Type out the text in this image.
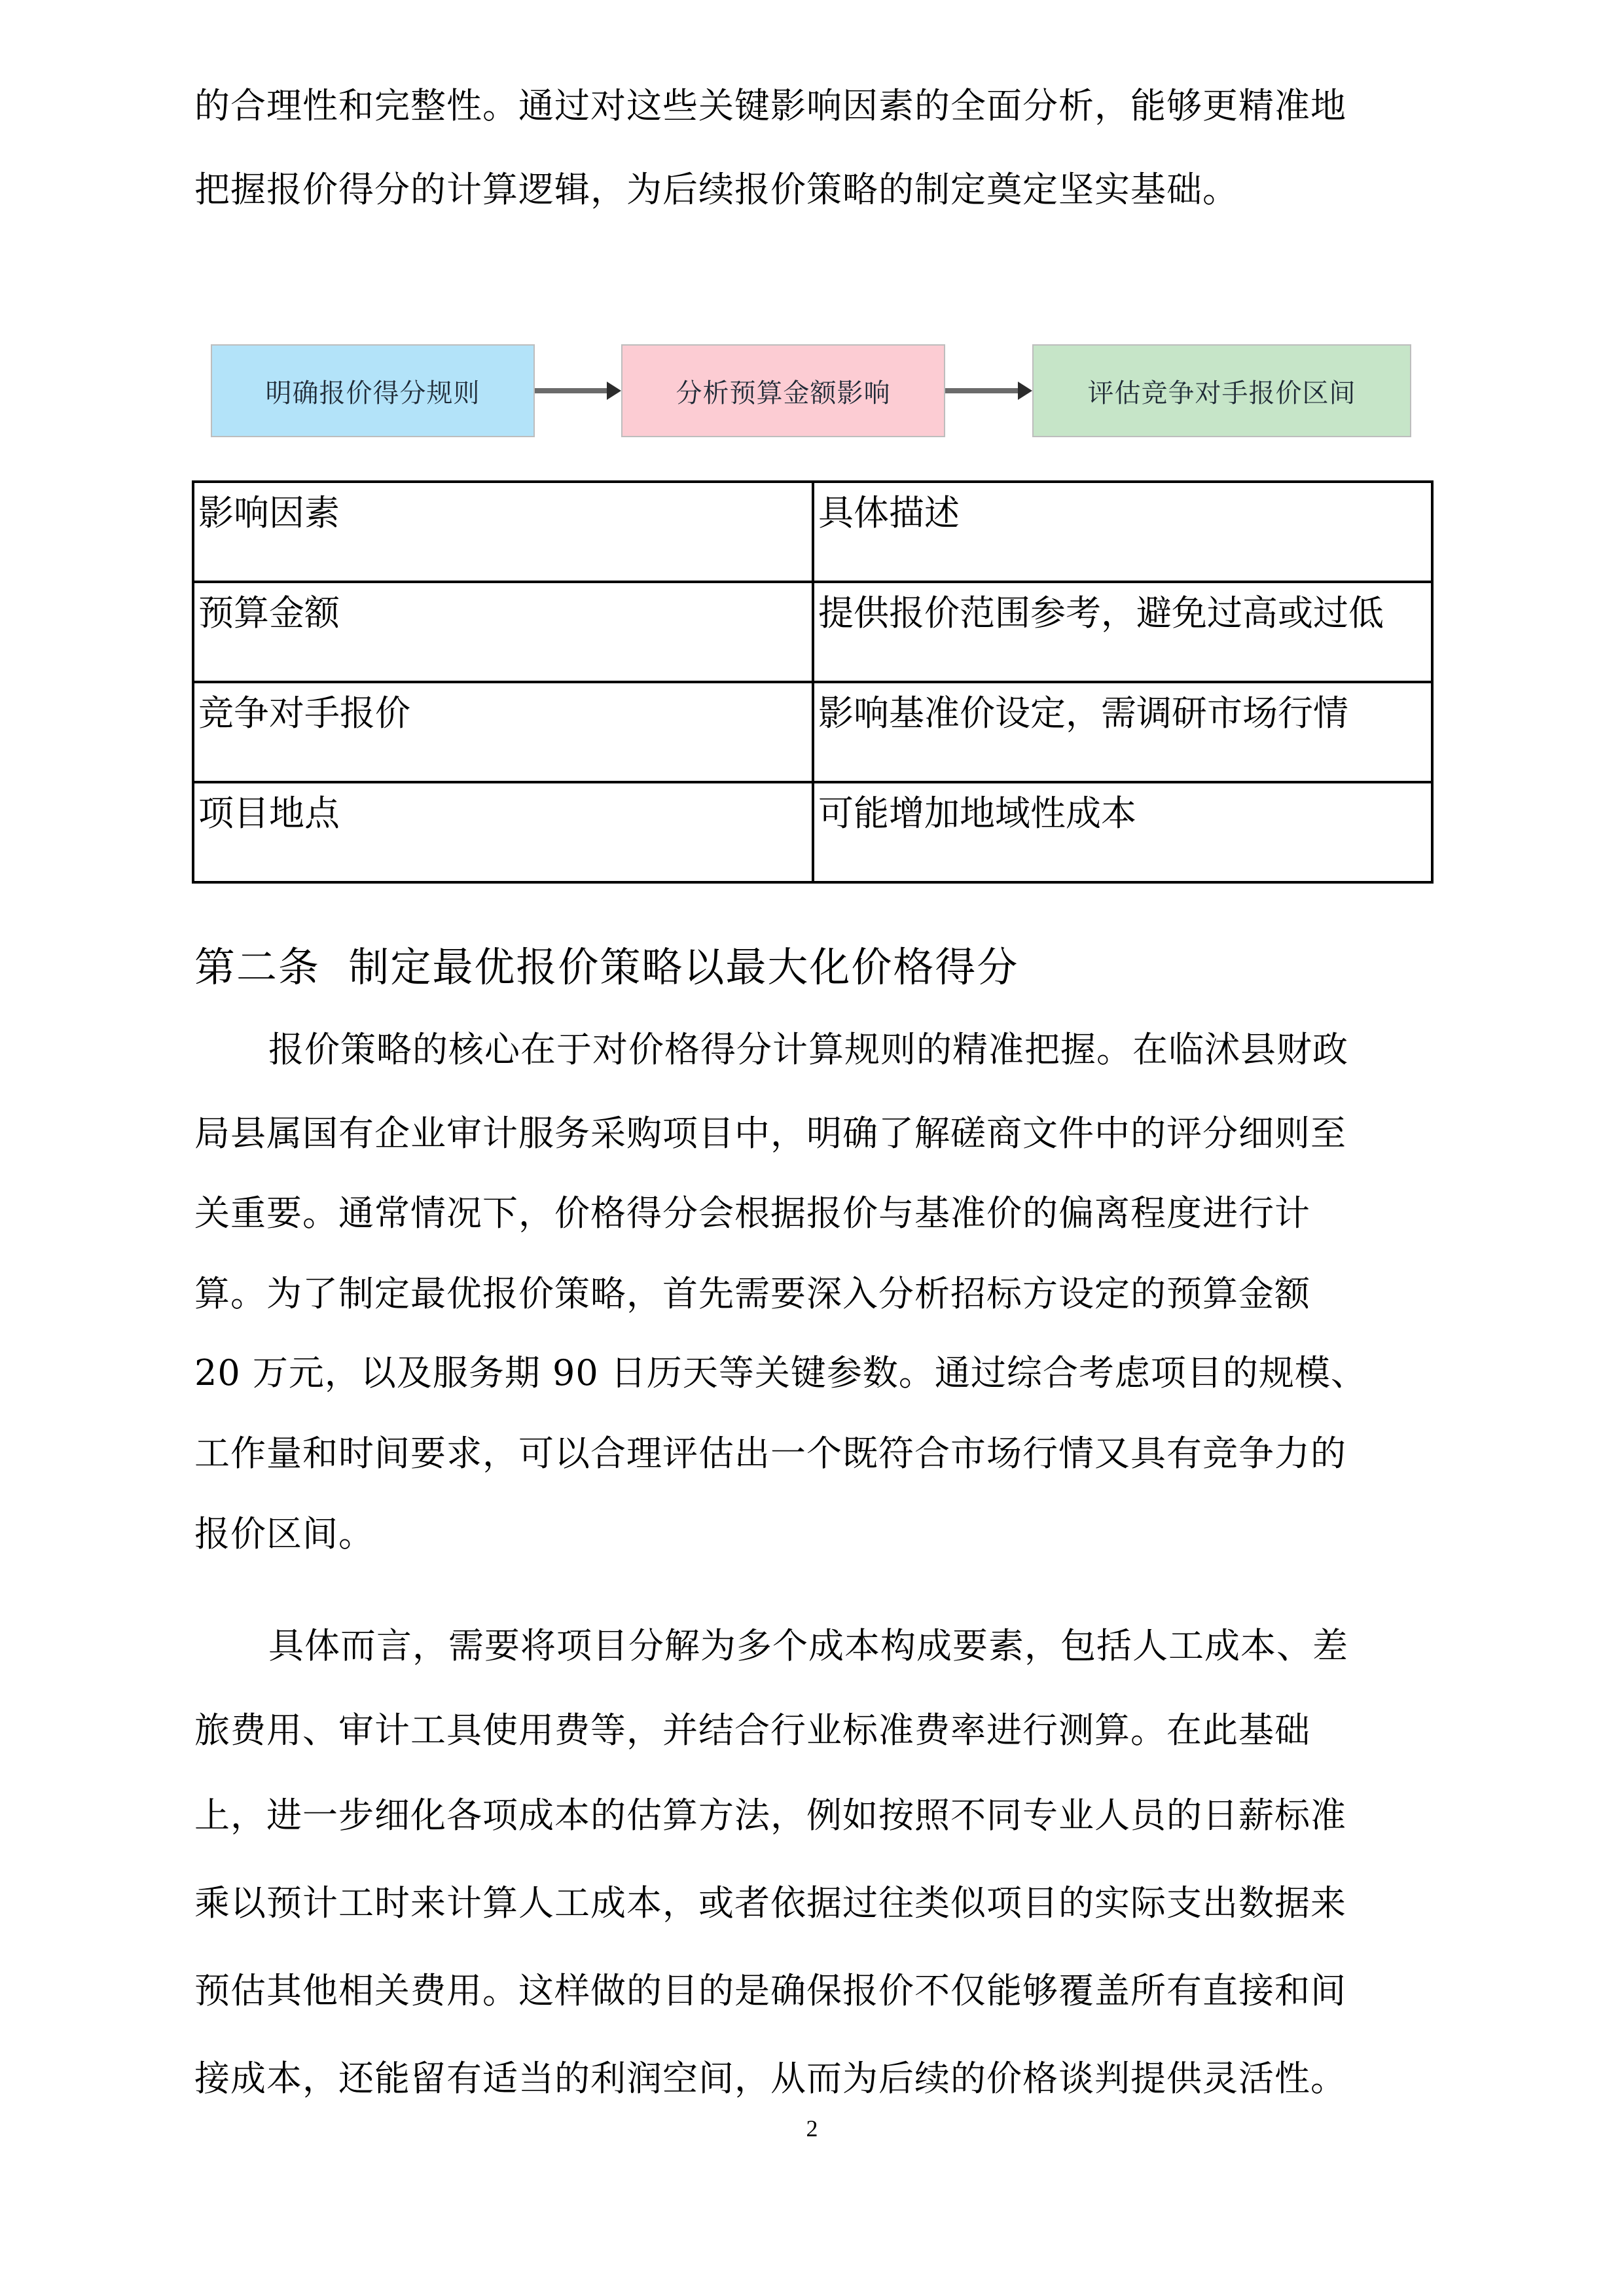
的合理性和完整性。通过对这些关键影响因素的全面分析，能够更精准地
把握报价得分的计算逻辑，为后续报价策略的制定奠定坚实基础。
明确报价得分规则	分析预算金额影响	评估竞争对手报价区间
影响因素	具体描述
预算金额	提供报价范围参考，避免过高或过低
竞争对手报价	影响基准价设定，需调研市场行情
项目地点	可能增加地域性成本
第二条  制定最优报价策略以最大化价格得分
报价策略的核心在于对价格得分计算规则的精准把握。在临沭县财政
局县属国有企业审计服务采购项目中，明确了解磋商文件中的评分细则至
关重要。通常情况下，价格得分会根据报价与基准价的偏离程度进行计
算。为了制定最优报价策略，首先需要深入分析招标方设定的预算金额
20 万元，以及服务期 90 日历天等关键参数。通过综合考虑项目的规模、
工作量和时间要求，可以合理评估出一个既符合市场行情又具有竞争力的
报价区间。
具体而言，需要将项目分解为多个成本构成要素，包括人工成本、差
旅费用、审计工具使用费等，并结合行业标准费率进行测算。在此基础
上，进一步细化各项成本的估算方法，例如按照不同专业人员的日薪标准
乘以预计工时来计算人工成本，或者依据过往类似项目的实际支出数据来
预估其他相关费用。这样做的目的是确保报价不仅能够覆盖所有直接和间
接成本，还能留有适当的利润空间，从而为后续的价格谈判提供灵活性。
2
